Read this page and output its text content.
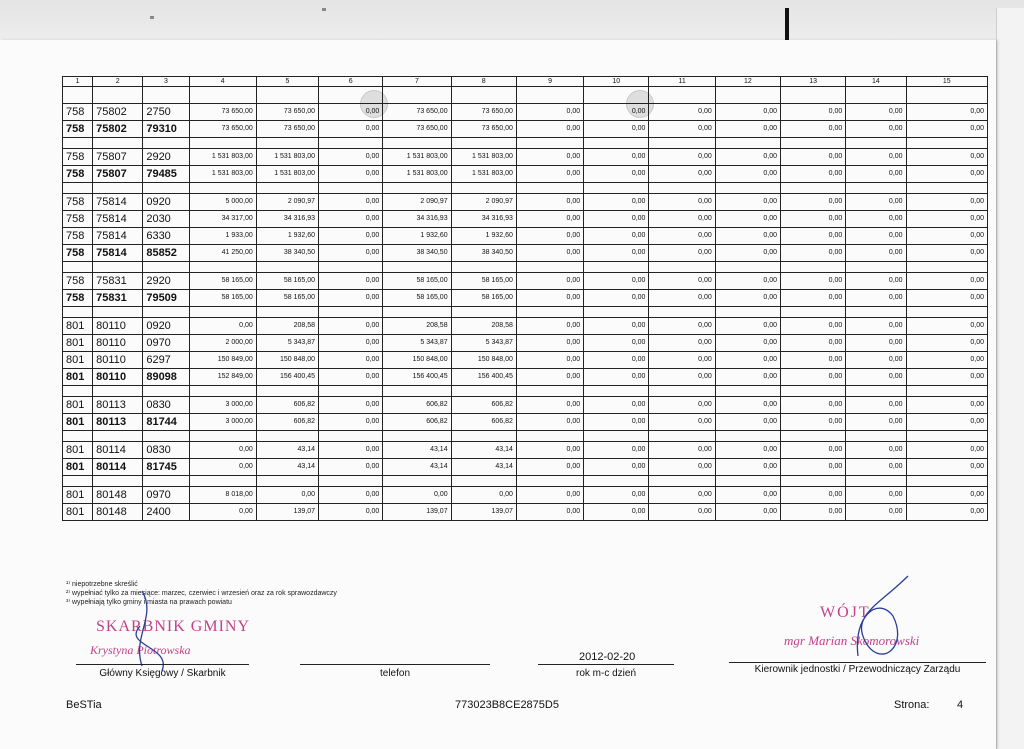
1	2	3	4	5	6	7	8	9	10	11	12	13	14	15

758	75802	2750	73 650,00	73 650,00	0,00	73 650,00	73 650,00	0,00	0,00	0,00	0,00	0,00	0,00	0,00
758	75802	79310	73 650,00	73 650,00	0,00	73 650,00	73 650,00	0,00	0,00	0,00	0,00	0,00	0,00	0,00

758	75807	2920	1 531 803,00	1 531 803,00	0,00	1 531 803,00	1 531 803,00	0,00	0,00	0,00	0,00	0,00	0,00	0,00
758	75807	79485	1 531 803,00	1 531 803,00	0,00	1 531 803,00	1 531 803,00	0,00	0,00	0,00	0,00	0,00	0,00	0,00

758	75814	0920	5 000,00	2 090,97	0,00	2 090,97	2 090,97	0,00	0,00	0,00	0,00	0,00	0,00	0,00
758	75814	2030	34 317,00	34 316,93	0,00	34 316,93	34 316,93	0,00	0,00	0,00	0,00	0,00	0,00	0,00
758	75814	6330	1 933,00	1 932,60	0,00	1 932,60	1 932,60	0,00	0,00	0,00	0,00	0,00	0,00	0,00
758	75814	85852	41 250,00	38 340,50	0,00	38 340,50	38 340,50	0,00	0,00	0,00	0,00	0,00	0,00	0,00

758	75831	2920	58 165,00	58 165,00	0,00	58 165,00	58 165,00	0,00	0,00	0,00	0,00	0,00	0,00	0,00
758	75831	79509	58 165,00	58 165,00	0,00	58 165,00	58 165,00	0,00	0,00	0,00	0,00	0,00	0,00	0,00

801	80110	0920	0,00	208,58	0,00	208,58	208,58	0,00	0,00	0,00	0,00	0,00	0,00	0,00
801	80110	0970	2 000,00	5 343,87	0,00	5 343,87	5 343,87	0,00	0,00	0,00	0,00	0,00	0,00	0,00
801	80110	6297	150 849,00	150 848,00	0,00	150 848,00	150 848,00	0,00	0,00	0,00	0,00	0,00	0,00	0,00
801	80110	89098	152 849,00	156 400,45	0,00	156 400,45	156 400,45	0,00	0,00	0,00	0,00	0,00	0,00	0,00

801	80113	0830	3 000,00	606,82	0,00	606,82	606,82	0,00	0,00	0,00	0,00	0,00	0,00	0,00
801	80113	81744	3 000,00	606,82	0,00	606,82	606,82	0,00	0,00	0,00	0,00	0,00	0,00	0,00

801	80114	0830	0,00	43,14	0,00	43,14	43,14	0,00	0,00	0,00	0,00	0,00	0,00	0,00
801	80114	81745	0,00	43,14	0,00	43,14	43,14	0,00	0,00	0,00	0,00	0,00	0,00	0,00

801	80148	0970	8 018,00	0,00	0,00	0,00	0,00	0,00	0,00	0,00	0,00	0,00	0,00	0,00
801	80148	2400	0,00	139,07	0,00	139,07	139,07	0,00	0,00	0,00	0,00	0,00	0,00	0,00
¹⁾ niepotrzebne skreślić
²⁾ wypełniać tylko za miesiące: marzec, czerwiec i wrzesień oraz za rok sprawozdawczy
³⁾ wypełniają tylko gminy i miasta na prawach powiatu
SKARBNIK GMINY
Krystyna Piotrowska
WÓJT
mgr Marian Skomorowski
Główny Księgowy / Skarbnik	telefon
2012-02-20
rok m-c dzień	Kierownik jednostki / Przewodniczący Zarządu
BeSTia	773023B8CE2875D5	Strona:	4
